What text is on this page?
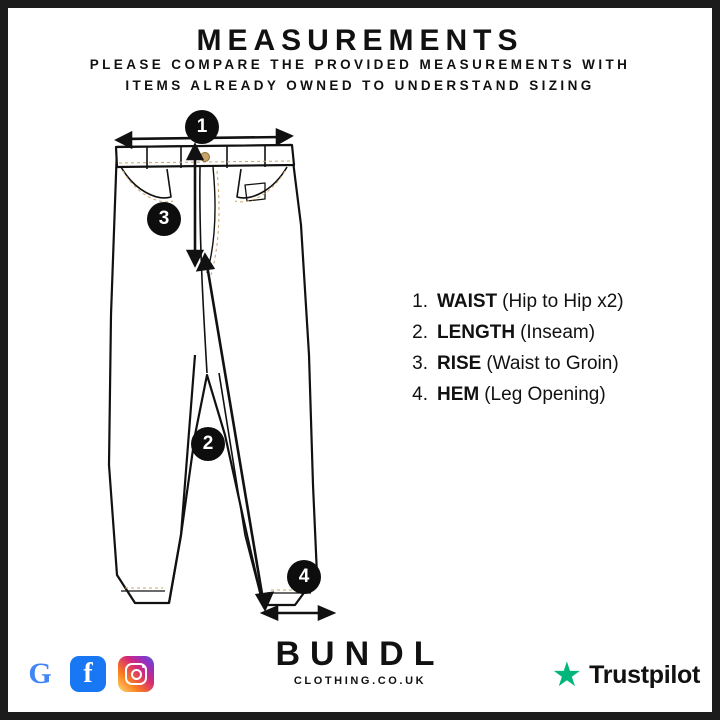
MEASUREMENTS
PLEASE COMPARE THE PROVIDED MEASUREMENTS WITH
ITEMS ALREADY OWNED TO UNDERSTAND SIZING
1
3
2
4
1. WAIST (Hip to Hip x2)
2. LENGTH (Inseam)
3. RISE (Waist to Groin)
4. HEM (Leg Opening)
BUNDL
CLOTHING.CO.UK
G	f	★ Trustpilot
